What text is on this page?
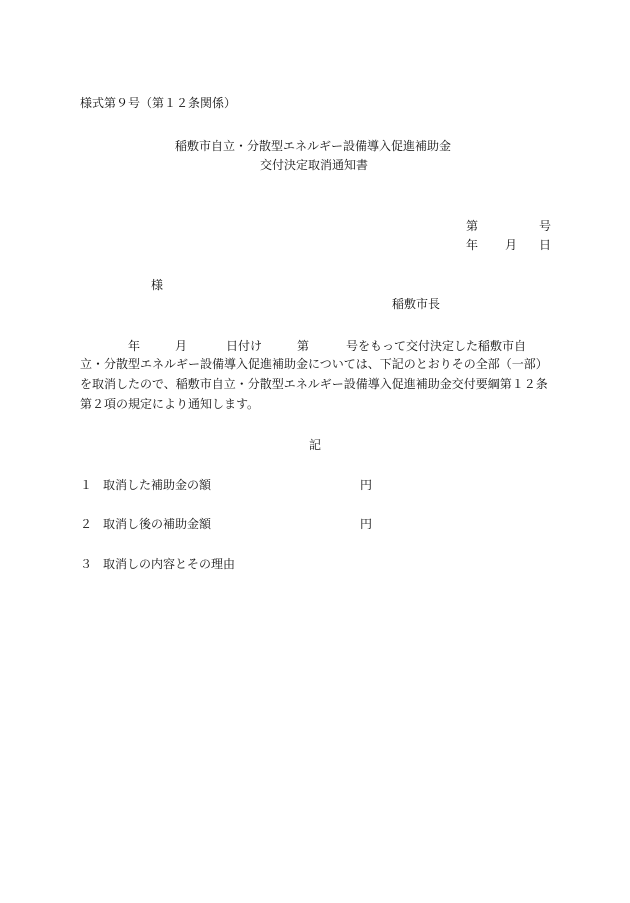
様式第９号（第１２条関係）
稲敷市自立・分散型エネルギー設備導入促進補助金
交付決定取消通知書
第	号
年 月 日
様
稲敷市長
年	月	日付け	第	号をもって交付決定した稲敷市自
立・分散型エネルギー設備導入促進補助金については、下記のとおりその全部（一部）
を取消したので、稲敷市自立・分散型エネルギー設備導入促進補助金交付要綱第１２条
第２項の規定により通知します。
記
１ 取消した補助金の額	円
２ 取消し後の補助金額	円
３ 取消しの内容とその理由
